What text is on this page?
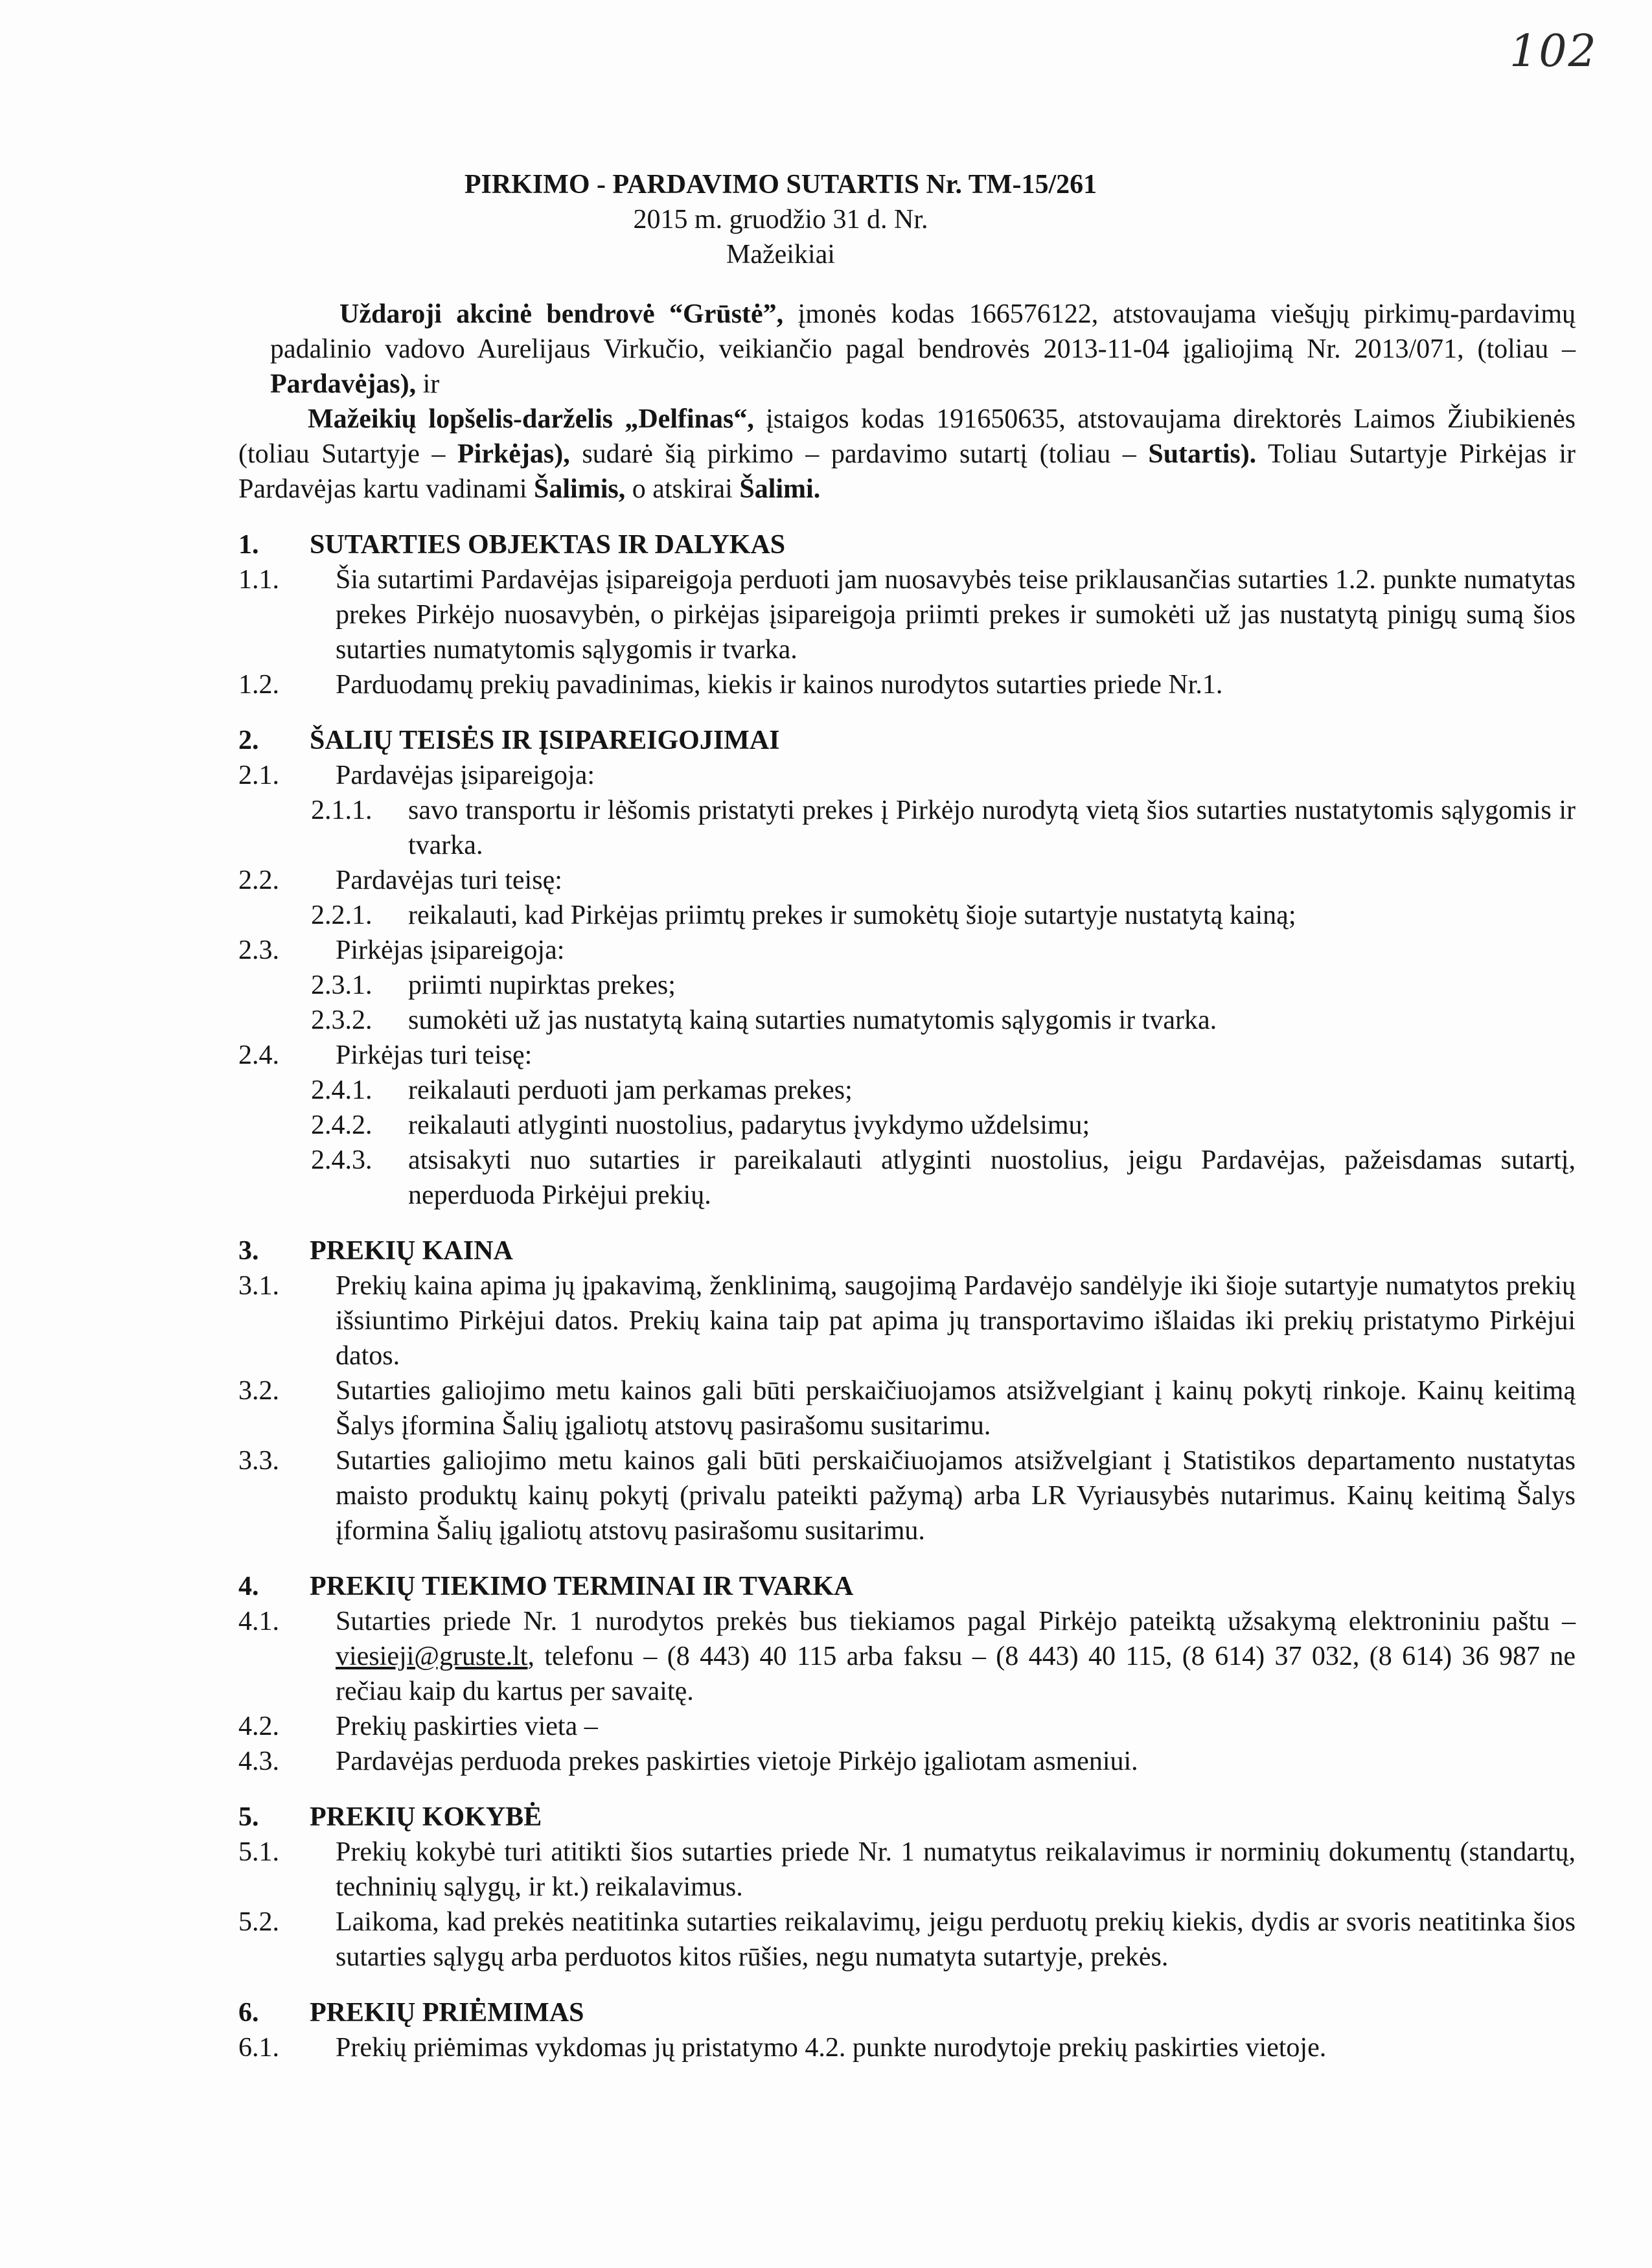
102
PIRKIMO - PARDAVIMO SUTARTIS Nr. TM-15/261
2015 m. gruodžio 31 d. Nr.
Mažeikiai

Uždaroji akcinė bendrovė “Grūstė”, įmonės kodas 166576122, atstovaujama viešųjų pirkimų-pardavimų padalinio vadovo Aurelijaus Virkučio, veikiančio pagal bendrovės 2013-11-04 įgaliojimą Nr. 2013/071, (toliau – Pardavėjas), ir

Mažeikių lopšelis-darželis „Delfinas“, įstaigos kodas 191650635, atstovaujama direktorės Laimos Žiubikienės (toliau Sutartyje – Pirkėjas), sudarė šią pirkimo – pardavimo sutartį (toliau – Sutartis). Toliau Sutartyje Pirkėjas ir Pardavėjas kartu vadinami Šalimis, o atskirai Šalimi.

1.	SUTARTIES OBJEKTAS IR DALYKAS
1.1.	Šia sutartimi Pardavėjas įsipareigoja perduoti jam nuosavybės teise priklausančias sutarties 1.2. punkte numatytas prekes Pirkėjo nuosavybėn, o pirkėjas įsipareigoja priimti prekes ir sumokėti už jas nustatytą pinigų sumą šios sutarties numatytomis sąlygomis ir tvarka.
1.2.	Parduodamų prekių pavadinimas, kiekis ir kainos nurodytos sutarties priede Nr.1.
2.	ŠALIŲ TEISĖS IR ĮSIPAREIGOJIMAI
2.1.	Pardavėjas įsipareigoja:
2.1.1.	savo transportu ir lėšomis pristatyti prekes į Pirkėjo nurodytą vietą šios sutarties nustatytomis sąlygomis ir tvarka.
2.2.	Pardavėjas turi teisę:
2.2.1.	reikalauti, kad Pirkėjas priimtų prekes ir sumokėtų šioje sutartyje nustatytą kainą;
2.3.	Pirkėjas įsipareigoja:
2.3.1.	priimti nupirktas prekes;
2.3.2.	sumokėti už jas nustatytą kainą sutarties numatytomis sąlygomis ir tvarka.
2.4.	Pirkėjas turi teisę:
2.4.1.	reikalauti perduoti jam perkamas prekes;
2.4.2.	reikalauti atlyginti nuostolius, padarytus įvykdymo uždelsimu;
2.4.3.	atsisakyti nuo sutarties ir pareikalauti atlyginti nuostolius, jeigu Pardavėjas, pažeisdamas sutartį, neperduoda Pirkėjui prekių.
3.	PREKIŲ KAINA
3.1.	Prekių kaina apima jų įpakavimą, ženklinimą, saugojimą Pardavėjo sandėlyje iki šioje sutartyje numatytos prekių išsiuntimo Pirkėjui datos. Prekių kaina taip pat apima jų transportavimo išlaidas iki prekių pristatymo Pirkėjui datos.
3.2.	Sutarties galiojimo metu kainos gali būti perskaičiuojamos atsižvelgiant į kainų pokytį rinkoje. Kainų keitimą Šalys įformina Šalių įgaliotų atstovų pasirašomu susitarimu.
3.3.	Sutarties galiojimo metu kainos gali būti perskaičiuojamos atsižvelgiant į Statistikos departamento nustatytas maisto produktų kainų pokytį (privalu pateikti pažymą) arba LR Vyriausybės nutarimus. Kainų keitimą Šalys įformina Šalių įgaliotų atstovų pasirašomu susitarimu.
4.	PREKIŲ TIEKIMO TERMINAI IR TVARKA
4.1.	Sutarties priede Nr. 1 nurodytos prekės bus tiekiamos pagal Pirkėjo pateiktą užsakymą elektroniniu paštu – viesieji@gruste.lt, telefonu – (8 443) 40 115 arba faksu – (8 443) 40 115, (8 614) 37 032, (8 614) 36 987 ne rečiau kaip du kartus per savaitę.
4.2.	Prekių paskirties vieta –
4.3.	Pardavėjas perduoda prekes paskirties vietoje Pirkėjo įgaliotam asmeniui.
5.	PREKIŲ KOKYBĖ
5.1.	Prekių kokybė turi atitikti šios sutarties priede Nr. 1 numatytus reikalavimus ir norminių dokumentų (standartų, techninių sąlygų, ir kt.) reikalavimus.
5.2.	Laikoma, kad prekės neatitinka sutarties reikalavimų, jeigu perduotų prekių kiekis, dydis ar svoris neatitinka šios sutarties sąlygų arba perduotos kitos rūšies, negu numatyta sutartyje, prekės.
6.	PREKIŲ PRIĖMIMAS
6.1.	Prekių priėmimas vykdomas jų pristatymo 4.2. punkte nurodytoje prekių paskirties vietoje.
